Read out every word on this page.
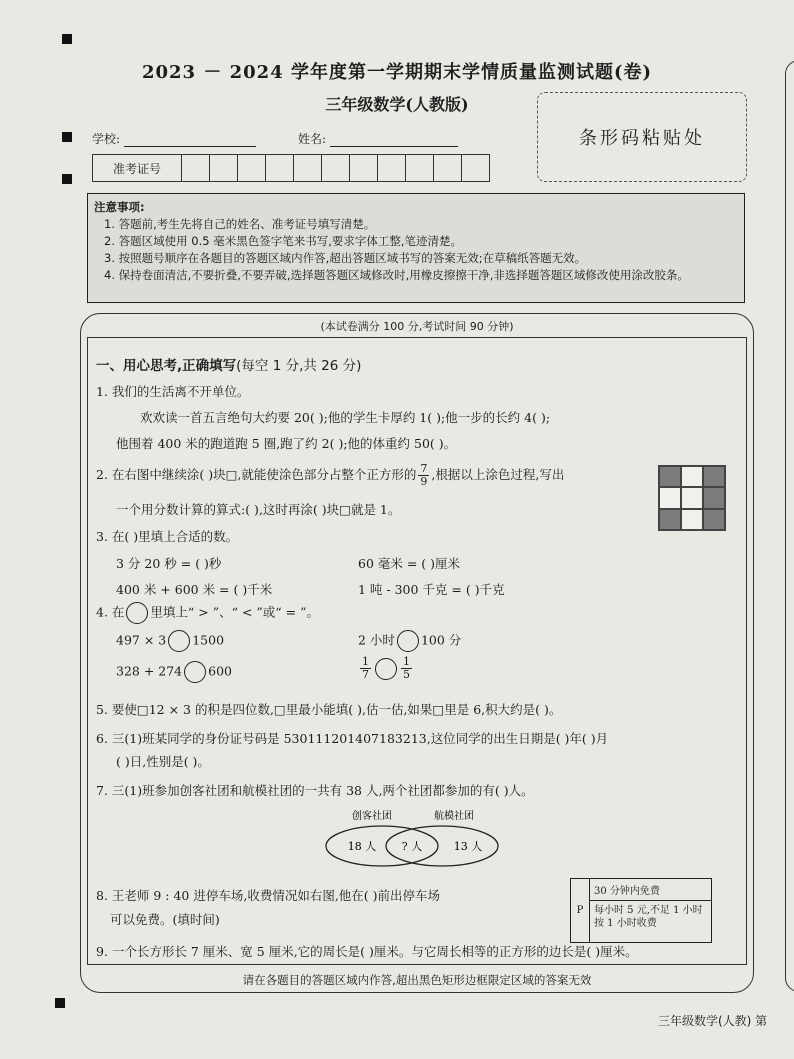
2023 － 2024 学年度第一学期期末学情质量监测试题(卷)
三年级数学(人教版)
条形码粘贴处
学校:	姓名:
准考证号											
注意事项:
1. 答题前,考生先将自己的姓名、准考证号填写清楚。
2. 答题区域使用 0.5 毫米黑色签字笔来书写,要求字体工整,笔迹清楚。
3. 按照题号顺序在各题目的答题区域内作答,超出答题区域书写的答案无效;在草稿纸答题无效。
4. 保持卷面清洁,不要折叠,不要弄破,选择题答题区域修改时,用橡皮擦擦干净,非选择题答题区域修改使用涂改胶条。
(本试卷满分 100 分,考试时间 90 分钟)
一、用心思考,正确填写(每空 1 分,共 26 分)
1. 我们的生活离不开单位。
欢欢读一首五言绝句大约要 20( );他的学生卡厚约 1( );他一步的长约 4( );
他围着 400 米的跑道跑 5 圈,跑了约 2( );他的体重约 50( )。
2. 在右图中继续涂( )块□,就能使涂色部分占整个正方形的 $\frac{7}{9}$ ,根据以上涂色过程,写出
一个用分数计算的算式:( ),这时再涂( )块□就是 1。
3. 在( )里填上合适的数。
3 分 20 秒 = ( )秒	60 毫米 = ( )厘米
400 米 + 600 米 = ( )千米	1 吨 - 300 千克 = ( )千克
4. 在 里填上“ > ”、“ < ”或“ = ”。
497 × 3 1500	2 小时 100 分
328 + 274 600	$\frac{1}{7}$	$\frac{1}{5}$
5. 要使□12 × 3 的积是四位数,□里最小能填( ),估一估,如果□里是 6,积大约是( )。
6. 三(1)班某同学的身份证号码是 530111201407183213,这位同学的出生日期是( )年( )月
( )日,性别是( )。
7. 三(1)班参加创客社团和航模社团的一共有 38 人,两个社团都参加的有( )人。
创客社团	航模社团
18 人 ? 人	13 人
8. 王老师 9 : 40 进停车场,收费情况如右图,他在( )前出停车场
可以免费。(填时间)
P
30 分钟内免费
每小时 5 元,不足 1 小时按 1 小时收费
9. 一个长方形长 7 厘米、宽 5 厘米,它的周长是( )厘米。与它周长相等的正方形的边长是( )厘米。
请在各题目的答题区域内作答,超出黑色矩形边框限定区域的答案无效
三年级数学(人教) 第
